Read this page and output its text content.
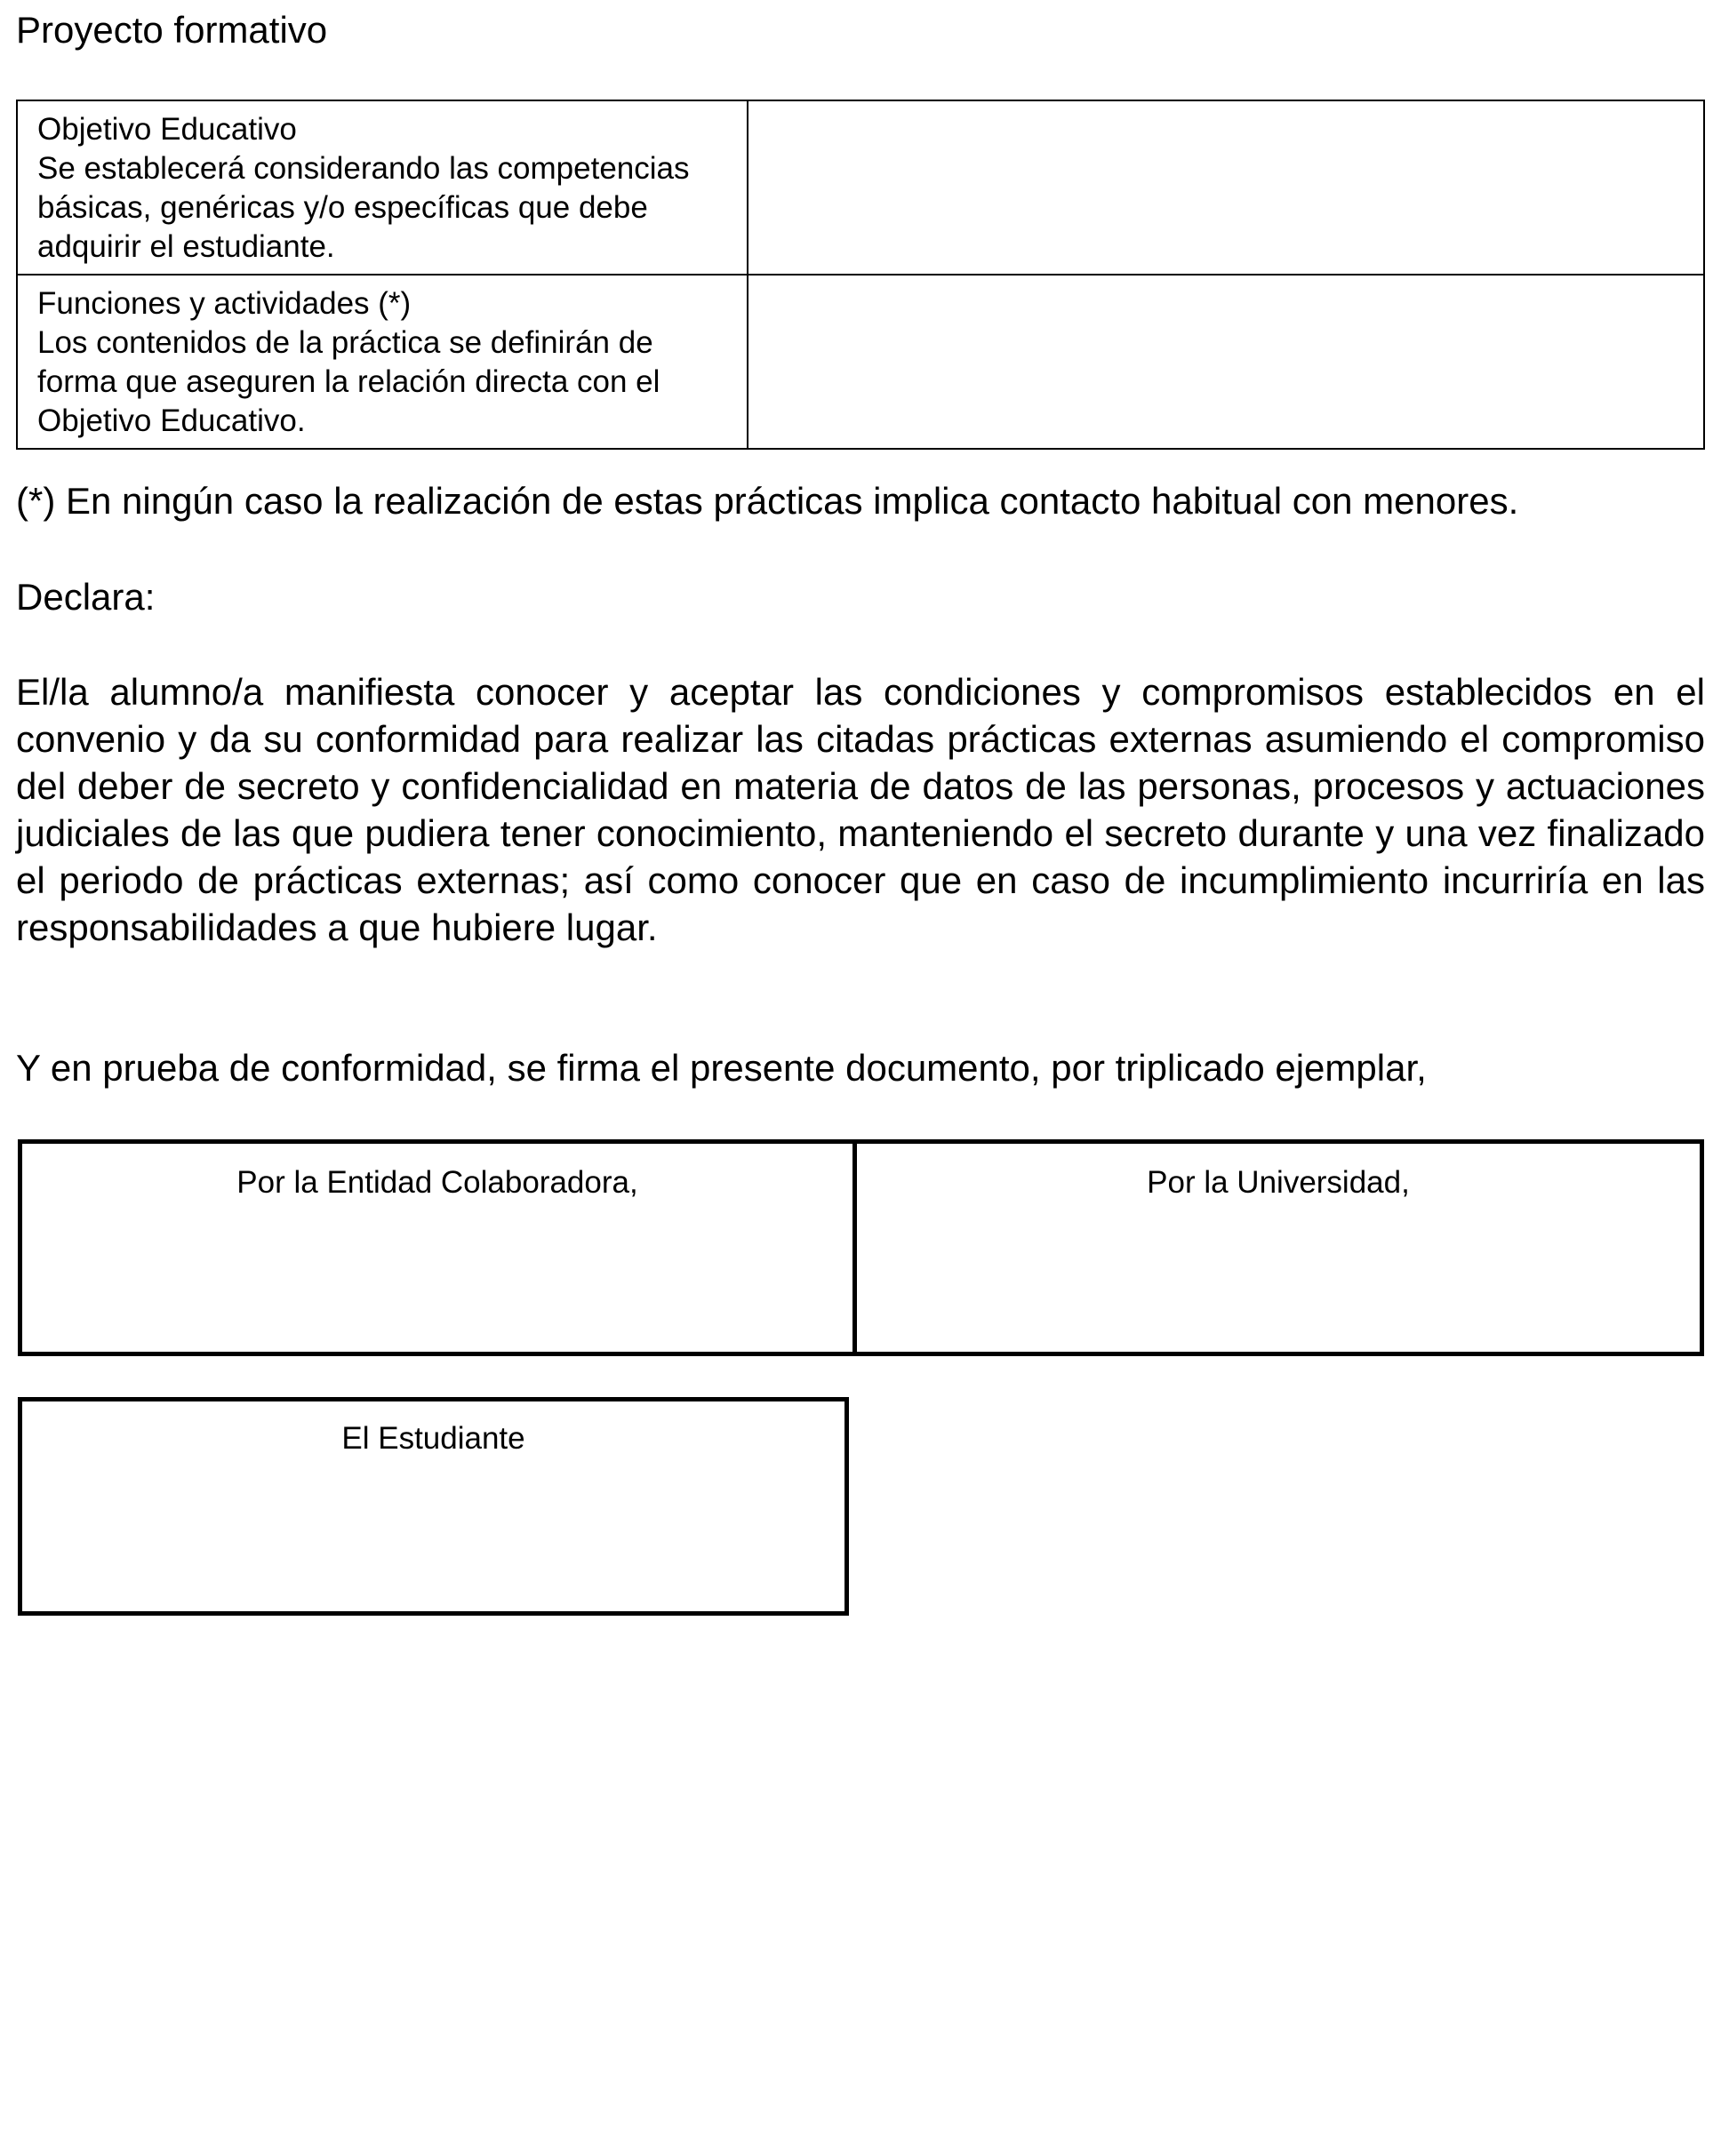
Proyecto formativo
Objetivo Educativo
Se establecerá considerando las competencias básicas, genéricas y/o específicas que debe adquirir el estudiante.	

Funciones y actividades (*)
Los contenidos de la práctica se definirán de forma que aseguren la relación directa con el Objetivo Educativo.	

(*) En ningún caso la realización de estas prácticas implica contacto habitual con menores.

Declara:

El/la alumno/a manifiesta conocer y aceptar las condiciones y compromisos establecidos en el convenio y da su conformidad para realizar las citadas prácticas externas asumiendo el compromiso del deber de secreto y confidencialidad en materia de datos de las personas, procesos y actuaciones judiciales de las que pudiera tener conocimiento, manteniendo el secreto durante y una vez finalizado el periodo de prácticas externas; así como conocer que en caso de incumplimiento incurriría en las responsabilidades a que hubiere lugar.

Y en prueba de conformidad, se firma el presente documento, por triplicado ejemplar,

Por la Entidad Colaboradora,	Por la Universidad,
El Estudiante
